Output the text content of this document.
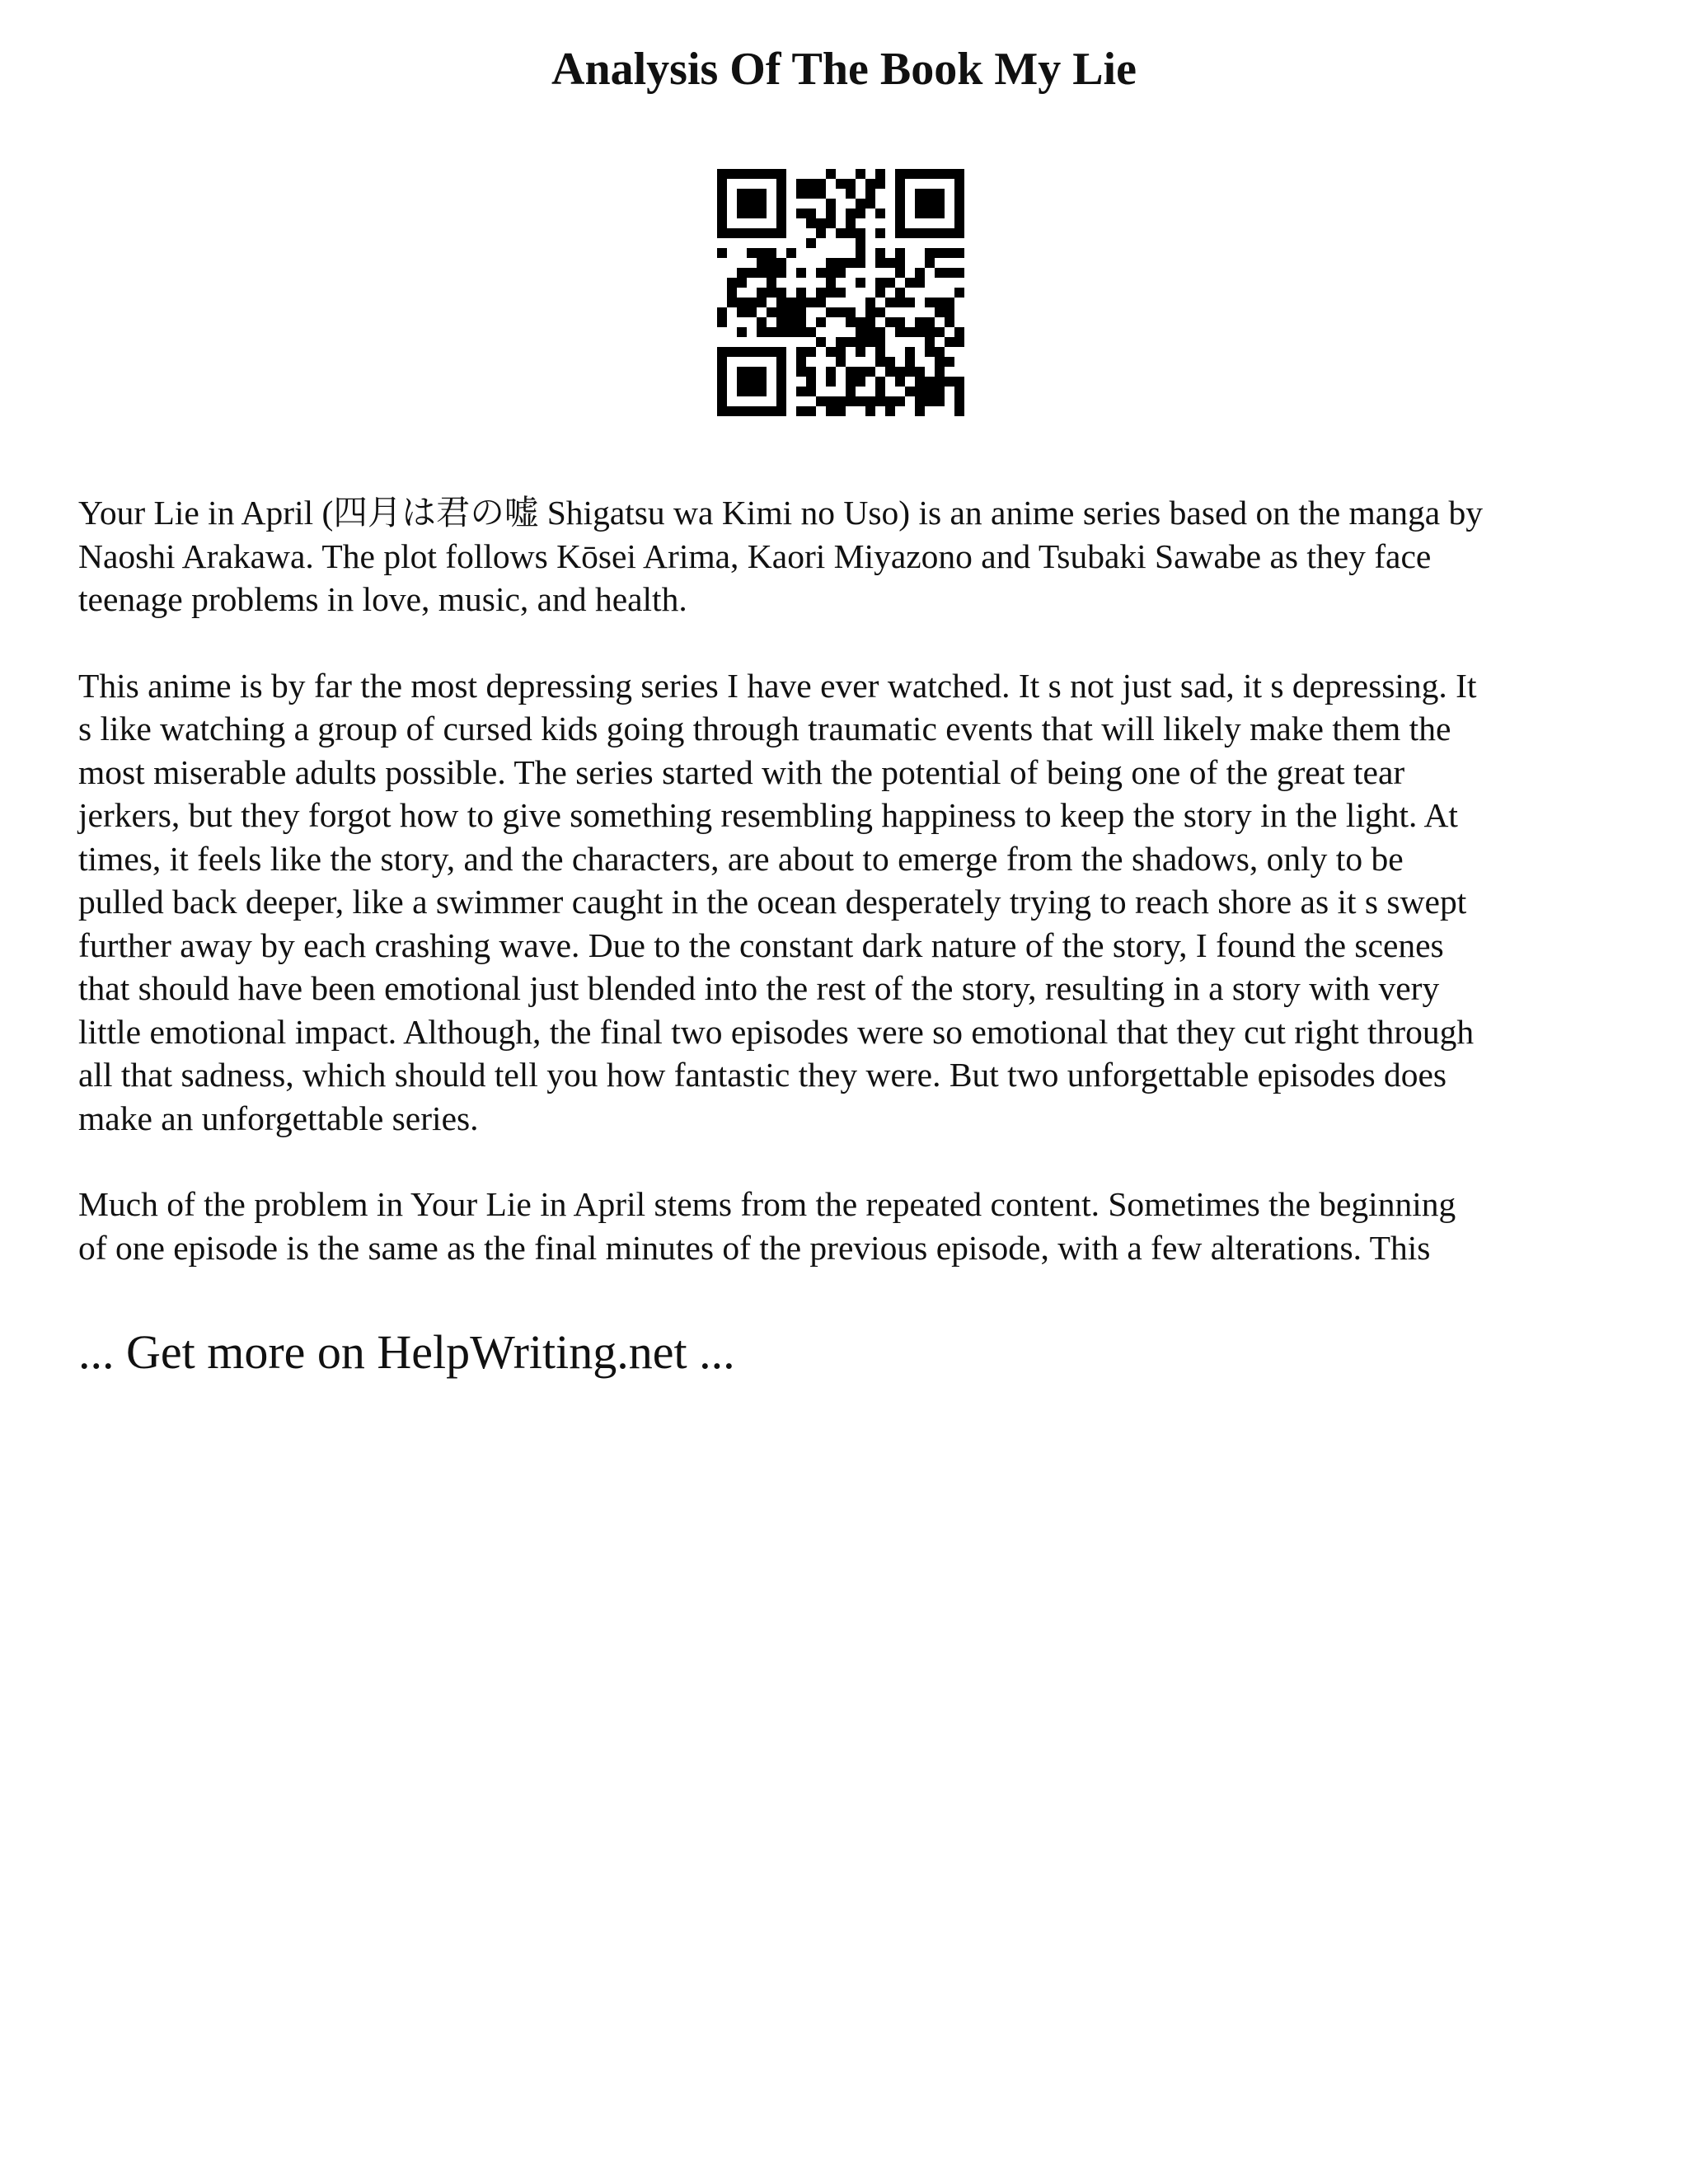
Analysis Of The Book My Lie

Your Lie in April (四月は君の嘘 Shigatsu wa Kimi no Uso) is an anime series based on the manga by
Naoshi Arakawa. The plot follows Kōsei Arima, Kaori Miyazono and Tsubaki Sawabe as they face
teenage problems in love, music, and health.

This anime is by far the most depressing series I have ever watched. It s not just sad, it s depressing. It
s like watching a group of cursed kids going through traumatic events that will likely make them the
most miserable adults possible. The series started with the potential of being one of the great tear
jerkers, but they forgot how to give something resembling happiness to keep the story in the light. At
times, it feels like the story, and the characters, are about to emerge from the shadows, only to be
pulled back deeper, like a swimmer caught in the ocean desperately trying to reach shore as it s swept
further away by each crashing wave. Due to the constant dark nature of the story, I found the scenes
that should have been emotional just blended into the rest of the story, resulting in a story with very
little emotional impact. Although, the final two episodes were so emotional that they cut right through
all that sadness, which should tell you how fantastic they were. But two unforgettable episodes does
make an unforgettable series.

Much of the problem in Your Lie in April stems from the repeated content. Sometimes the beginning
of one episode is the same as the final minutes of the previous episode, with a few alterations. This

... Get more on HelpWriting.net ...
